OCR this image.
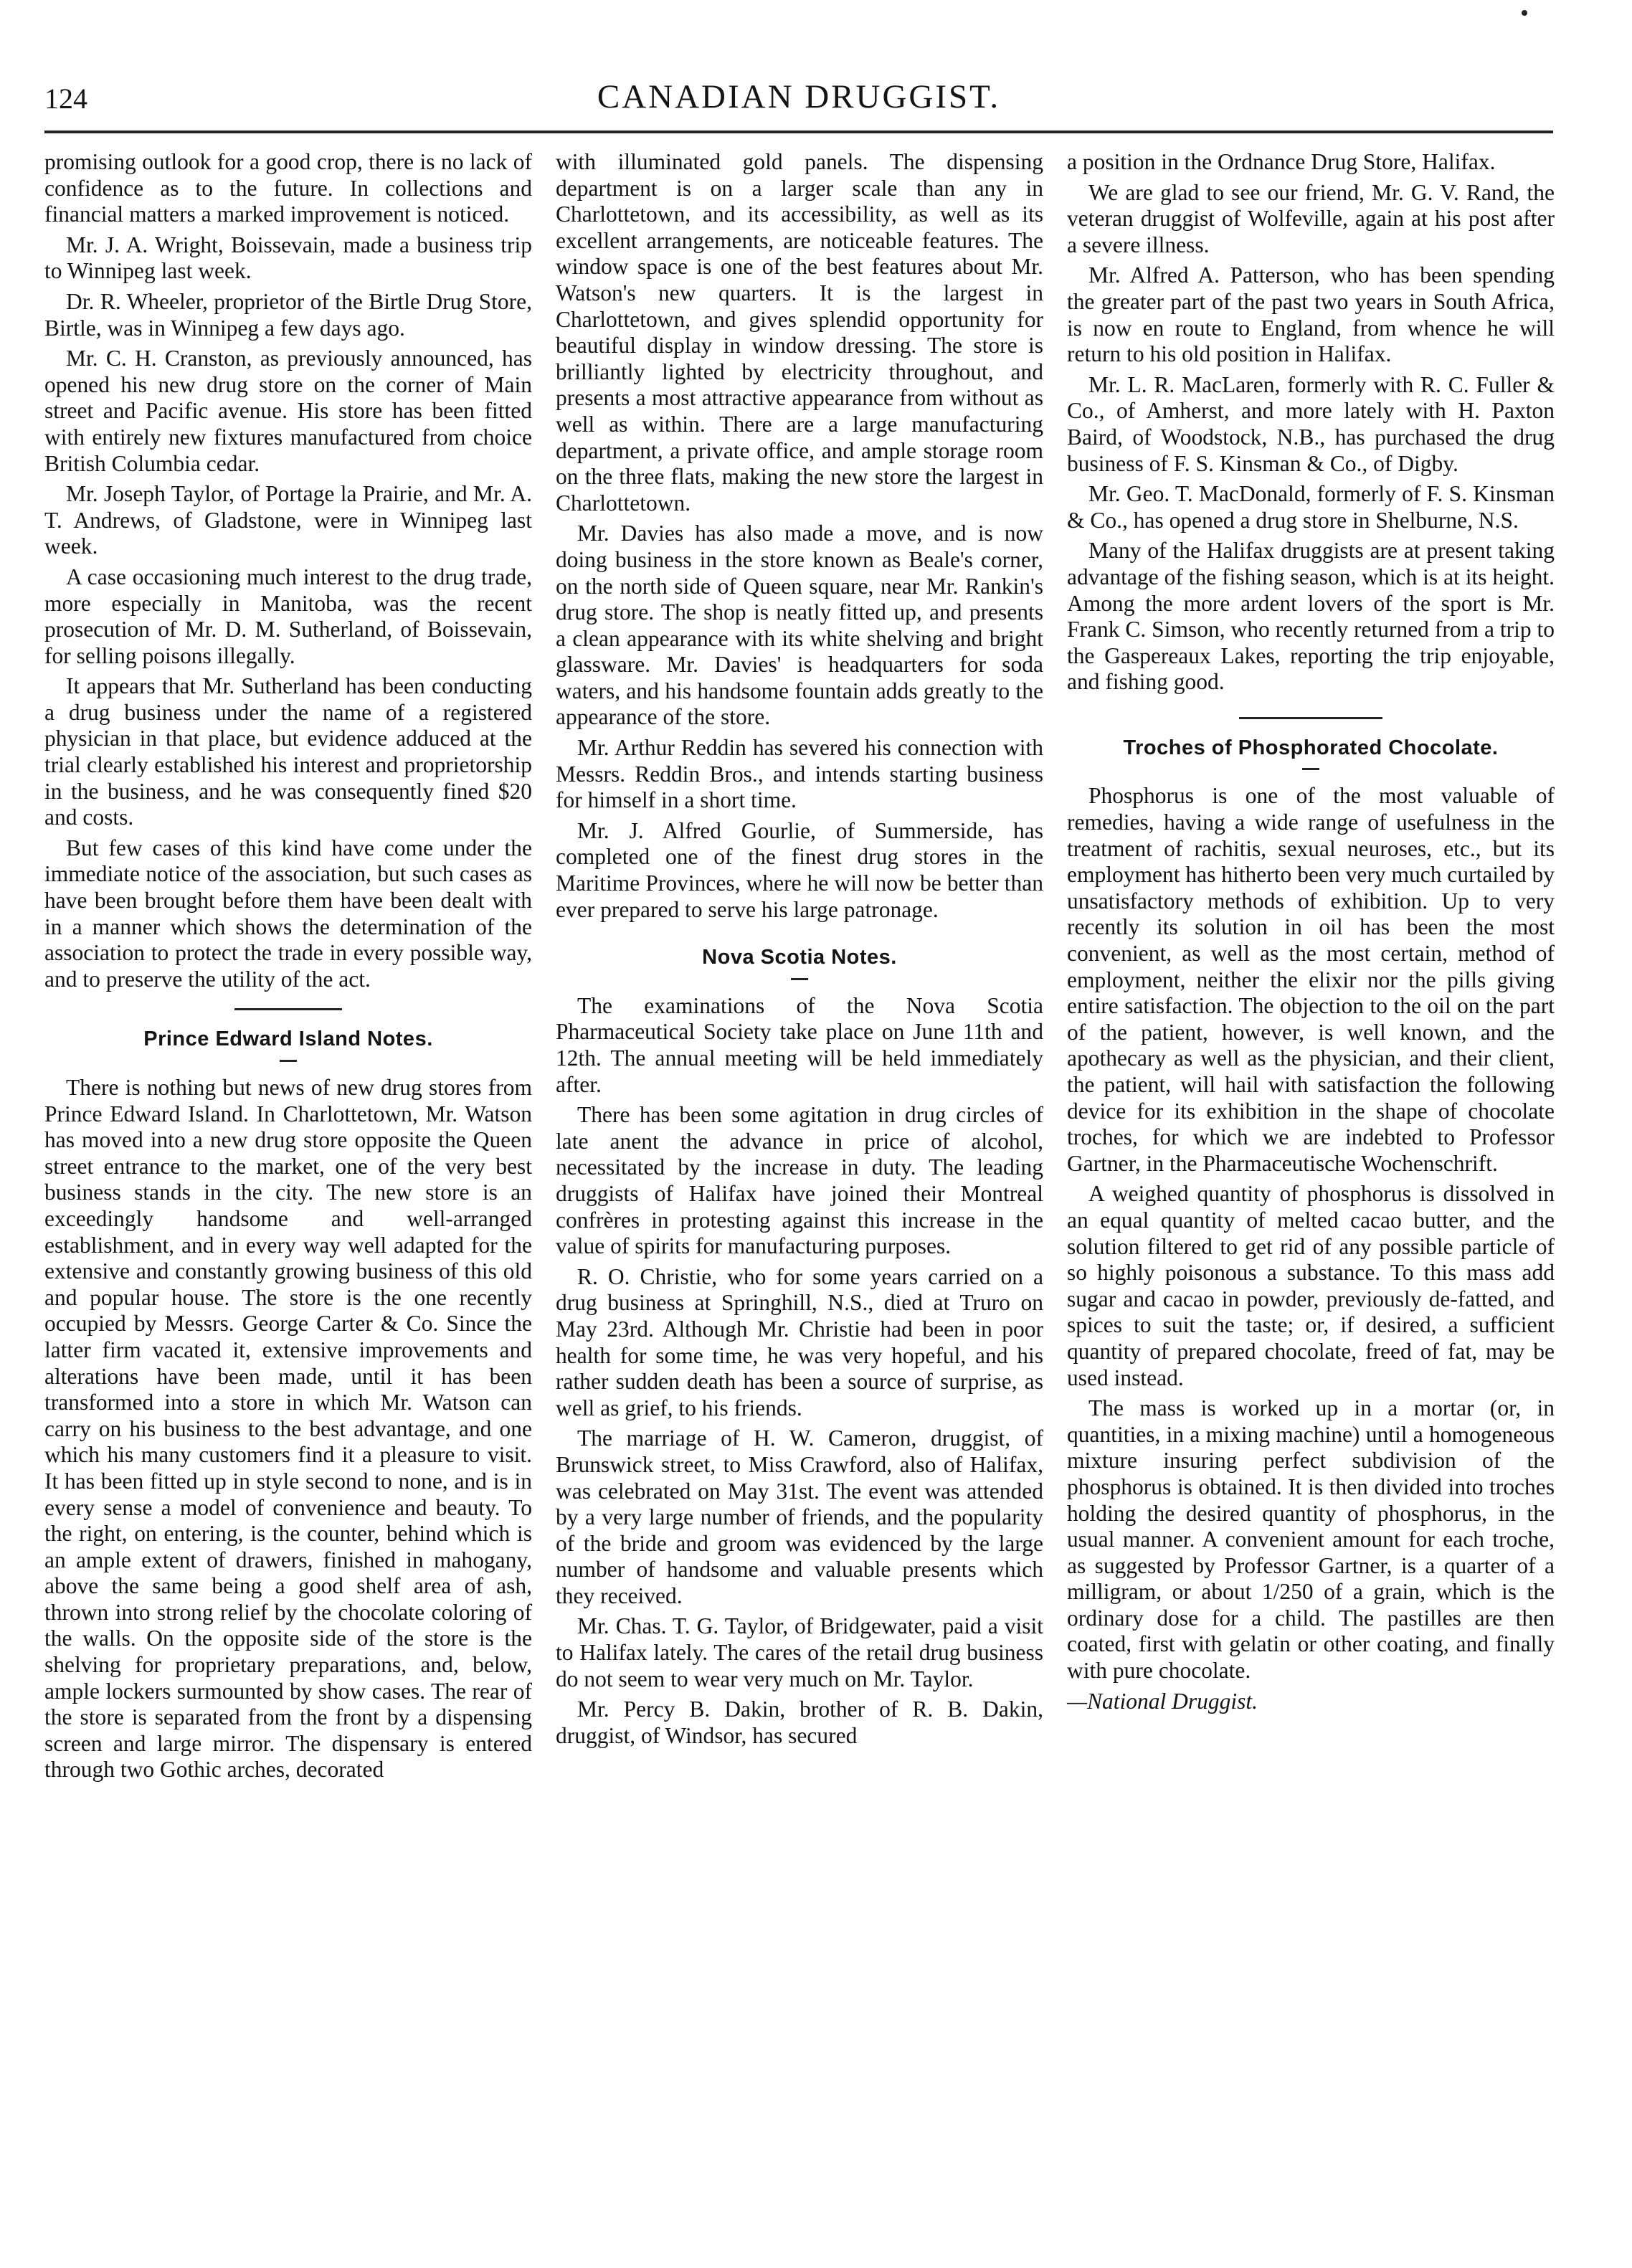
124	CANADIAN DRUGGIST.

promising outlook for a good crop, there is no lack of confidence as to the future. In collections and financial matters a marked improvement is noticed.

Mr. J. A. Wright, Boissevain, made a business trip to Winnipeg last week.

Dr. R. Wheeler, proprietor of the Birtle Drug Store, Birtle, was in Winnipeg a few days ago.

Mr. C. H. Cranston, as previously announced, has opened his new drug store on the corner of Main street and Pacific avenue. His store has been fitted with entirely new fixtures manufactured from choice British Columbia cedar.

Mr. Joseph Taylor, of Portage la Prairie, and Mr. A. T. Andrews, of Gladstone, were in Winnipeg last week.

A case occasioning much interest to the drug trade, more especially in Manitoba, was the recent prosecution of Mr. D. M. Sutherland, of Boissevain, for selling poisons illegally.

It appears that Mr. Sutherland has been conducting a drug business under the name of a registered physician in that place, but evidence adduced at the trial clearly established his interest and proprietorship in the business, and he was consequently fined $20 and costs.

But few cases of this kind have come under the immediate notice of the association, but such cases as have been brought before them have been dealt with in a manner which shows the determination of the association to protect the trade in every possible way, and to preserve the utility of the act.

Prince Edward Island Notes.

There is nothing but news of new drug stores from Prince Edward Island. In Charlottetown, Mr. Watson has moved into a new drug store opposite the Queen street entrance to the market, one of the very best business stands in the city. The new store is an exceedingly handsome and well-arranged establishment, and in every way well adapted for the extensive and constantly growing business of this old and popular house. The store is the one recently occupied by Messrs. George Carter & Co. Since the latter firm vacated it, extensive improvements and alterations have been made, until it has been transformed into a store in which Mr. Watson can carry on his business to the best advantage, and one which his many customers find it a pleasure to visit. It has been fitted up in style second to none, and is in every sense a model of convenience and beauty. To the right, on entering, is the counter, behind which is an ample extent of drawers, finished in mahogany, above the same being a good shelf area of ash, thrown into strong relief by the chocolate coloring of the walls. On the opposite side of the store is the shelving for proprietary preparations, and, below, ample lockers surmounted by show cases. The rear of the store is separated from the front by a dispensing screen and large mirror. The dispensary is entered through two Gothic arches, decorated

with illuminated gold panels. The dispensing department is on a larger scale than any in Charlottetown, and its accessibility, as well as its excellent arrangements, are noticeable features. The window space is one of the best features about Mr. Watson's new quarters. It is the largest in Charlottetown, and gives splendid opportunity for beautiful display in window dressing. The store is brilliantly lighted by electricity throughout, and presents a most attractive appearance from without as well as within. There are a large manufacturing department, a private office, and ample storage room on the three flats, making the new store the largest in Charlottetown.

Mr. Davies has also made a move, and is now doing business in the store known as Beale's corner, on the north side of Queen square, near Mr. Rankin's drug store. The shop is neatly fitted up, and presents a clean appearance with its white shelving and bright glassware. Mr. Davies' is headquarters for soda waters, and his handsome fountain adds greatly to the appearance of the store.

Mr. Arthur Reddin has severed his connection with Messrs. Reddin Bros., and intends starting business for himself in a short time.

Mr. J. Alfred Gourlie, of Summerside, has completed one of the finest drug stores in the Maritime Provinces, where he will now be better than ever prepared to serve his large patronage.

Nova Scotia Notes.

The examinations of the Nova Scotia Pharmaceutical Society take place on June 11th and 12th. The annual meeting will be held immediately after.

There has been some agitation in drug circles of late anent the advance in price of alcohol, necessitated by the increase in duty. The leading druggists of Halifax have joined their Montreal confrères in protesting against this increase in the value of spirits for manufacturing purposes.

R. O. Christie, who for some years carried on a drug business at Springhill, N.S., died at Truro on May 23rd. Although Mr. Christie had been in poor health for some time, he was very hopeful, and his rather sudden death has been a source of surprise, as well as grief, to his friends.

The marriage of H. W. Cameron, druggist, of Brunswick street, to Miss Crawford, also of Halifax, was celebrated on May 31st. The event was attended by a very large number of friends, and the popularity of the bride and groom was evidenced by the large number of handsome and valuable presents which they received.

Mr. Chas. T. G. Taylor, of Bridgewater, paid a visit to Halifax lately. The cares of the retail drug business do not seem to wear very much on Mr. Taylor.

Mr. Percy B. Dakin, brother of R. B. Dakin, druggist, of Windsor, has secured

a position in the Ordnance Drug Store, Halifax.

We are glad to see our friend, Mr. G. V. Rand, the veteran druggist of Wolfeville, again at his post after a severe illness.

Mr. Alfred A. Patterson, who has been spending the greater part of the past two years in South Africa, is now en route to England, from whence he will return to his old position in Halifax.

Mr. L. R. MacLaren, formerly with R. C. Fuller & Co., of Amherst, and more lately with H. Paxton Baird, of Woodstock, N.B., has purchased the drug business of F. S. Kinsman & Co., of Digby.

Mr. Geo. T. MacDonald, formerly of F. S. Kinsman & Co., has opened a drug store in Shelburne, N.S.

Many of the Halifax druggists are at present taking advantage of the fishing season, which is at its height. Among the more ardent lovers of the sport is Mr. Frank C. Simson, who recently returned from a trip to the Gaspereaux Lakes, reporting the trip enjoyable, and fishing good.

Troches of Phosphorated Chocolate.

Phosphorus is one of the most valuable of remedies, having a wide range of usefulness in the treatment of rachitis, sexual neuroses, etc., but its employment has hitherto been very much curtailed by unsatisfactory methods of exhibition. Up to very recently its solution in oil has been the most convenient, as well as the most certain, method of employment, neither the elixir nor the pills giving entire satisfaction. The objection to the oil on the part of the patient, however, is well known, and the apothecary as well as the physician, and their client, the patient, will hail with satisfaction the following device for its exhibition in the shape of chocolate troches, for which we are indebted to Professor Gartner, in the Pharmaceutische Wochenschrift.

A weighed quantity of phosphorus is dissolved in an equal quantity of melted cacao butter, and the solution filtered to get rid of any possible particle of so highly poisonous a substance. To this mass add sugar and cacao in powder, previously de-fatted, and spices to suit the taste; or, if desired, a sufficient quantity of prepared chocolate, freed of fat, may be used instead.

The mass is worked up in a mortar (or, in quantities, in a mixing machine) until a homogeneous mixture insuring perfect subdivision of the phosphorus is obtained. It is then divided into troches holding the desired quantity of phosphorus, in the usual manner. A convenient amount for each troche, as suggested by Professor Gartner, is a quarter of a milligram, or about 1/250 of a grain, which is the ordinary dose for a child. The pastilles are then coated, first with gelatin or other coating, and finally with pure chocolate.

—National Druggist.
